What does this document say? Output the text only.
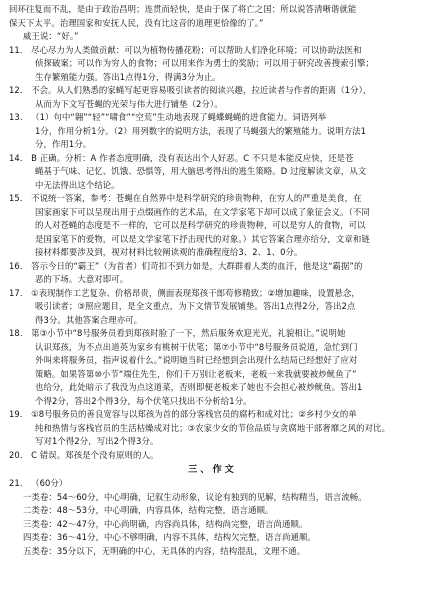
回环往复而不乱，是由于政治昌明；连贯而轻快，是由于保了将亡之国：所以说答清晰谐就能
保天下太平。治理国家和安抚人民，没有比这音的道理更恰像的了。”
威王说：“好。”
11． 尽心尽力为人类做贡献：可以为植物传播花粉；可以帮助人们净化环境；可以协助法医和
侦探破案；可以作为穷人的食物；可以用来作为勇士的奖励；可以用于研究改善搜索引擎；
生存繁殖能力强。答出1点得1分，得满3分为止。
12． 不会。从人们熟悉的家蝇写起更容易吸引读者的阅读兴趣，拉近读者与作者的距离（1分），
从而为下文写苍蝇的光荣与伟大进行铺垫（2分）。
13． （1）句中“翱”“轻”“啸食”“空荒”生动地表现了蝇蝶蝇蝇的进食能力。词语列举
1分，作用分析1分。（2）用列数字的说明方法，表现了马蝇强大的繁殖能力。说明方法1
分，作用1分。
14． B 正确。分析：A 作者态度明确，没有表达出个人好恶。C 不只是本能反应快，还是苍
蝇基于气味、记忆、饥饿、恐惧等，用大脑思考得出的逃生策略。D 过度解读文章，从文
中无法得出这个结论。
15． 不说统一答案，参考：苍蝇在自然界中是科学研究的珍贵物种，在穷人的严重是美食，在
国家画家下可以呈现出用于点缀画作的艺术品，在文学家笔下却可以成了象征会义。（不同
的人对苍蝇的态度是不一样的，它可以是科学研究的珍贵物种，可以是穷人的食物，可以
是国家笔下的爱物，可以是文学家笔下抒击现代的对象。）其它答案合理亦给分，文章和链
接材料都要涉及到，视对材料比较阐读观的准确程度给3、2、1、0分。
16． 答示今日的“霸王”（为首者）们苛扣不到力如是，大群群着人类的血汗，他是这“霸据”的
恶的下场。大意对即可。
17． ①表现制作工艺复杂、价格昂贵，侧面表现郑孩干郎苟修精致；②增加趣味，设置悬念，
吸引读者；③照应题目，是全文重点，为下文情节发展铺垫。答出1点得2分，答出2点
得3分。其他答案合理亦可。
18． 第③小节中“8号服务员看到郑孩时脸了一下，然后服务欢迎光光，礼貌相让。”说明她
认识郑孩，为不点出道英为家乡有桃树干伏笔；第⑦小节中“8号服务员说道，急忙到门
外叫来将服务员，指声说着什么。”说明她当时已经想到会出现什么结局已经想好了应对
策略。如果答第⑩小节“端住先生，你们千万别让老板来，老板一来我就要被炒鱿鱼了”
也给分，此处暗示了我没为点这道菜，否则即便老板来了她也不会担心被炒鱿鱼。答出1
个得2分，答出2个得3分，每个伏笔只找出不分析给1分。
19． ①8号服务员的善良宽容与以郑孩为首的部分客栈官员的腐朽和成对比；②乡村少女的单
纯和热情与客栈官员的生活枯燥成对比；③农家少女的节俭品质与贪腐地干部奢靡之风的对比。
写对1个得2分，写出2个得3分。
20． C 错误。郑孩是个没有原则的人。
三、作文
21． （60分）
一类卷：54～60分，中心明确，记叙生动形象，议论有独到的见解，结构精当，语言流畅。
二类卷：48～53分，中心明确，内容具体，结构完整，语言通顺。
三类卷：42～47分，中心尚明确，内容尚具体，结构尚完整，语言尚通顺。
四类卷：36～41分，中心不够明确，内容不具体，结构欠完整，语言尚通顺。
五类卷：35分以下，无明确的中心，无具体的内容，结构混乱，文理不通。
